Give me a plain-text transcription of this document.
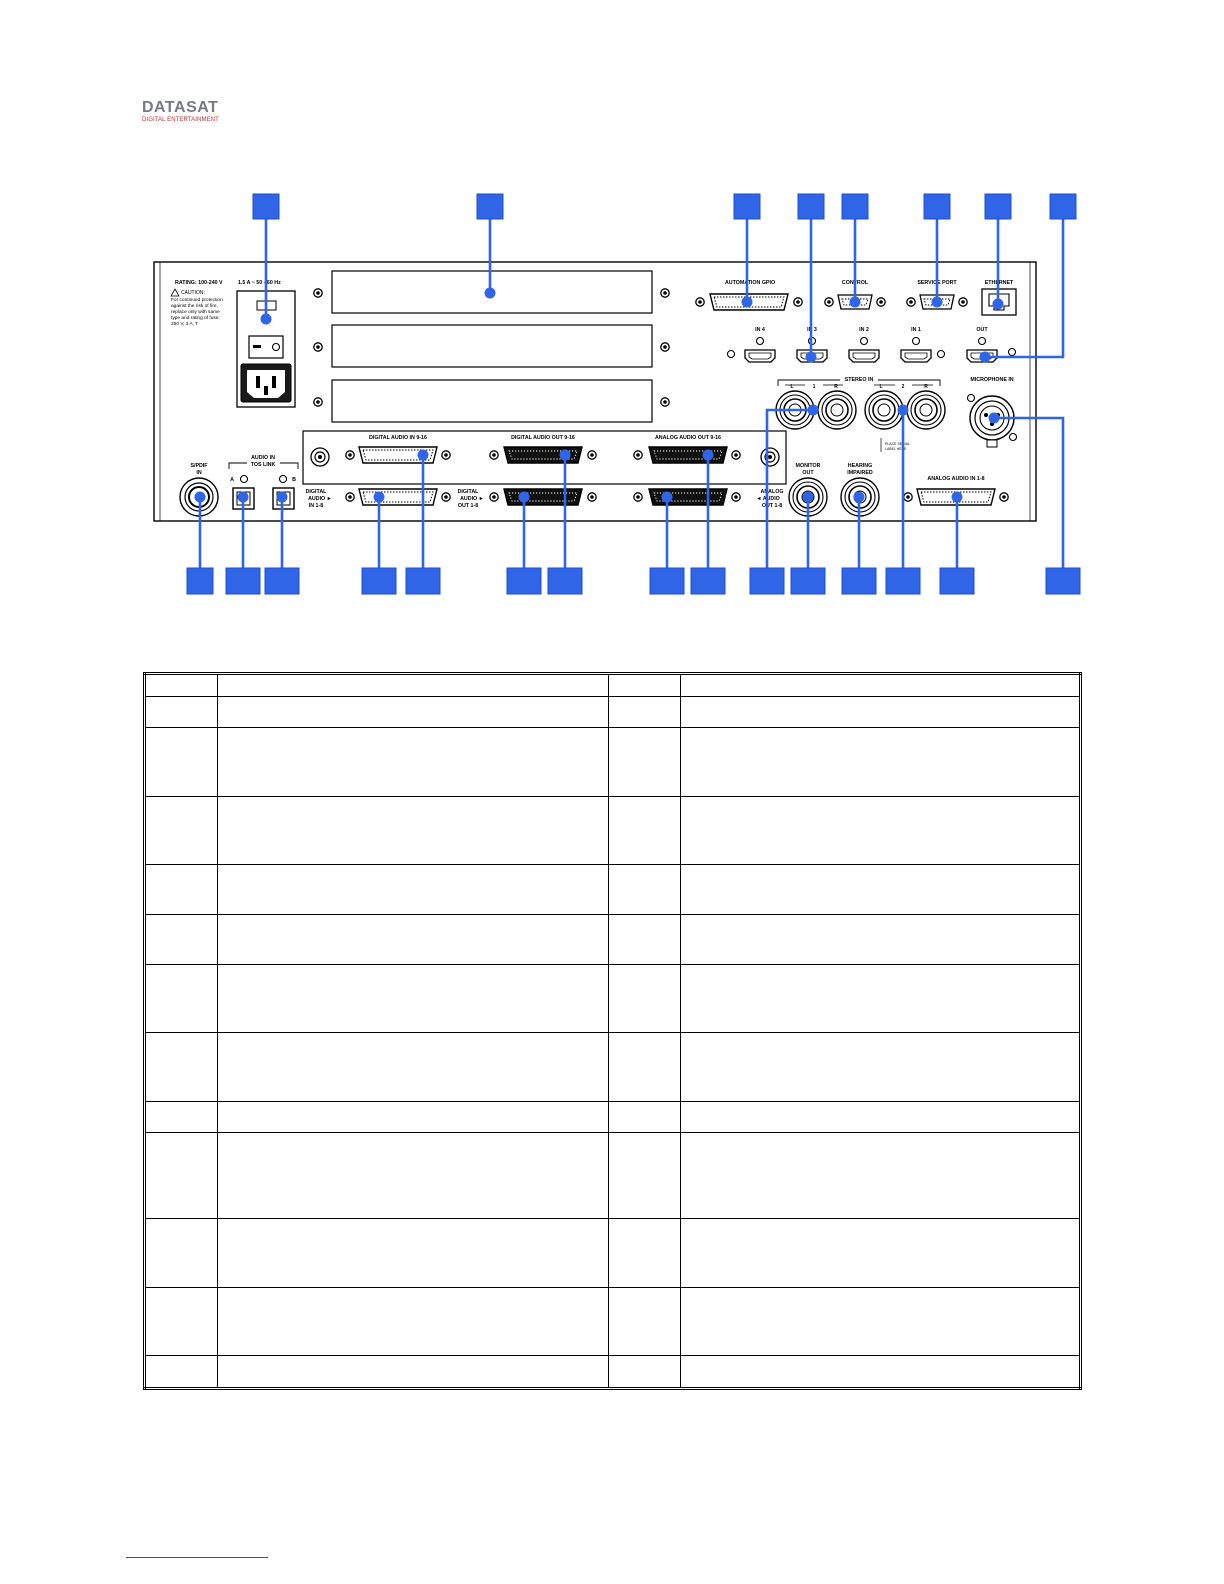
DATASAT
DIGITAL ENTERTAINMENT
RATING: 100-240 V	1.5 A ~ 50 - 60 Hz
CAUTION:
For continued protection
against the risk of fire,
replace only with same
type and rating of fuse:
250 V, 3 A, T
AUTOMATION GPIO	CONTROL	SERVICE PORT	ETHERNET
IN 4	IN 3	IN 2	IN 1	OUT
STEREO IN
L	1	R	L	2	R
PLACE SERIAL
LABEL HERE
MICROPHONE IN
DIGITAL AUDIO IN 9-16	DIGITAL AUDIO OUT 9-16	ANALOG AUDIO OUT 9-16
S/PDIF
IN
AUDIO IN
TOS LINK
A	B
DIGITAL
AUDIO ►
IN 1-8
DIGITAL
AUDIO ►
OUT 1-8
ANALOG
◄ AUDIO
OUT 1-8
MONITOR
OUT
HEARING
IMPAIRED
ANALOG AUDIO IN 1-8
